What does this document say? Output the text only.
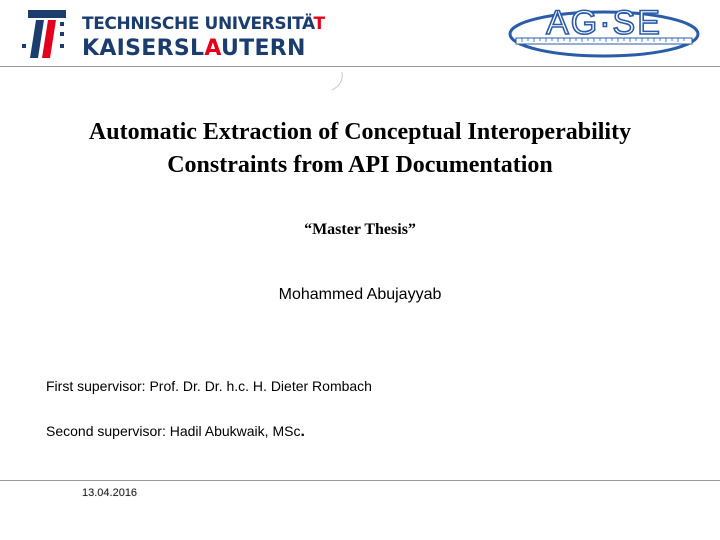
TECHNISCHE UNIVERSITÄT
KAISERSLAUTERN
AG·SE
Automatic Extraction of Conceptual Interoperability
Constraints from API Documentation
“Master Thesis”
Mohammed Abujayyab
First supervisor: Prof. Dr. Dr. h.c. H. Dieter Rombach
Second supervisor: Hadil Abukwaik, MSc.
13.04.2016
